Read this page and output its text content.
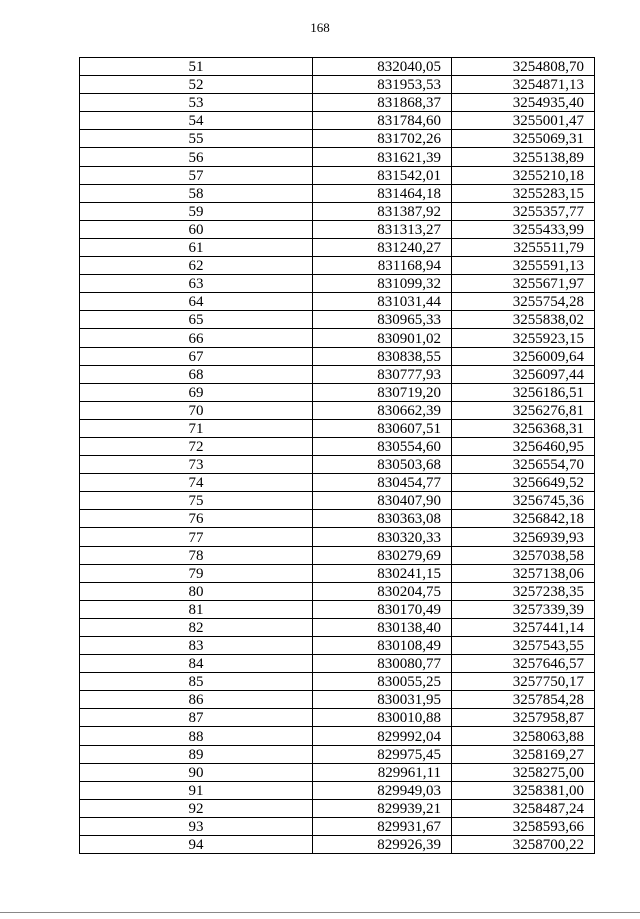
168
51	832040,05	3254808,70
52	831953,53	3254871,13
53	831868,37	3254935,40
54	831784,60	3255001,47
55	831702,26	3255069,31
56	831621,39	3255138,89
57	831542,01	3255210,18
58	831464,18	3255283,15
59	831387,92	3255357,77
60	831313,27	3255433,99
61	831240,27	3255511,79
62	831168,94	3255591,13
63	831099,32	3255671,97
64	831031,44	3255754,28
65	830965,33	3255838,02
66	830901,02	3255923,15
67	830838,55	3256009,64
68	830777,93	3256097,44
69	830719,20	3256186,51
70	830662,39	3256276,81
71	830607,51	3256368,31
72	830554,60	3256460,95
73	830503,68	3256554,70
74	830454,77	3256649,52
75	830407,90	3256745,36
76	830363,08	3256842,18
77	830320,33	3256939,93
78	830279,69	3257038,58
79	830241,15	3257138,06
80	830204,75	3257238,35
81	830170,49	3257339,39
82	830138,40	3257441,14
83	830108,49	3257543,55
84	830080,77	3257646,57
85	830055,25	3257750,17
86	830031,95	3257854,28
87	830010,88	3257958,87
88	829992,04	3258063,88
89	829975,45	3258169,27
90	829961,11	3258275,00
91	829949,03	3258381,00
92	829939,21	3258487,24
93	829931,67	3258593,66
94	829926,39	3258700,22
